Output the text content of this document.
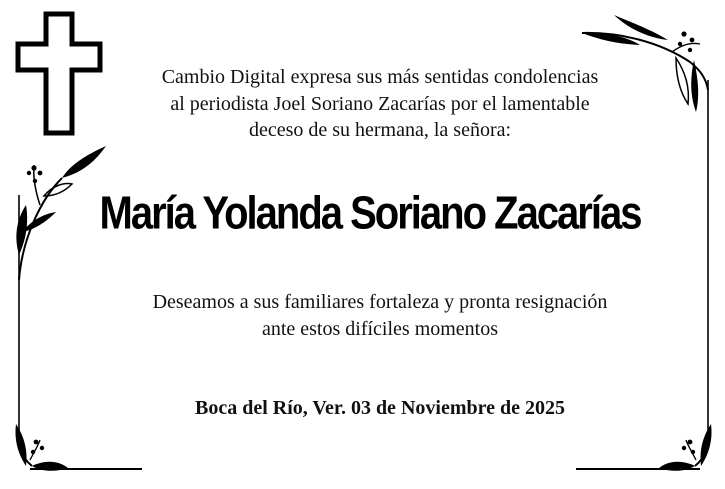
Cambio Digital expresa sus más sentidas condolencias
al periodista Joel Soriano Zacarías por el lamentable
deceso de su hermana, la señora:
María Yolanda Soriano Zacarías
Deseamos a sus familiares fortaleza y pronta resignación
ante estos difíciles momentos
Boca del Río, Ver. 03 de Noviembre de 2025
